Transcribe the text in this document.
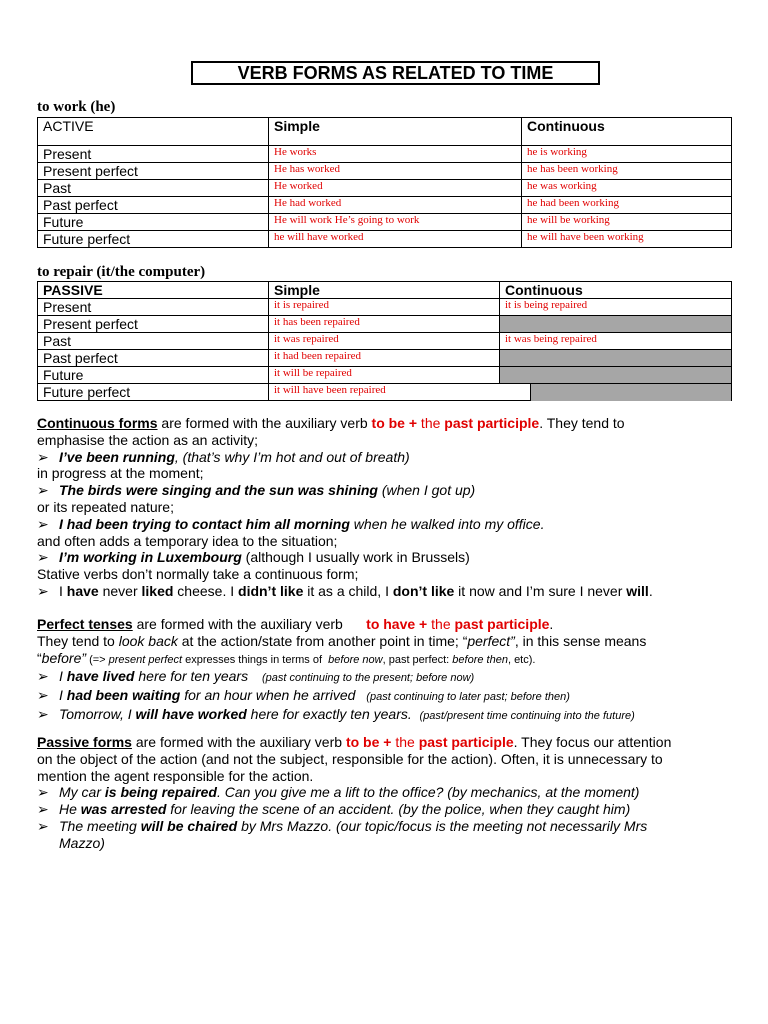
VERB FORMS AS RELATED TO TIME
to work (he)
ACTIVE	Simple	Continuous
Present	He works	he is working
Present perfect	He has worked	he has been working
Past	He worked	he was working
Past perfect	He had worked	he had been working
Future	He will work He’s going to work	he will be working
Future perfect	he will have worked	he will have been working
to repair (it/the computer)
PASSIVE	Simple	Continuous	
Present	it is repaired	it is being repaired	
Present perfect	it has been repaired		
Past	it was repaired	it was being repaired	
Past perfect	it had been repaired		
Future	it will be repaired		
Future perfect	it will have been repaired		
Continuous forms are formed with the auxiliary verb to be + the past participle. They tend to
emphasise the action as an activity;
➢ I’ve been running, (that’s why I’m hot and out of breath)
in progress at the moment;
➢ The birds were singing and the sun was shining (when I got up)
or its repeated nature;
➢ I had been trying to contact him all morning when he walked into my office.
and often adds a temporary idea to the situation;
➢ I’m working in Luxembourg (although I usually work in Brussels)
Stative verbs don’t normally take a continuous form;
➢ I have never liked cheese. I didn’t like it as a child, I don’t like it now and I’m sure I never will.
Perfect tenses are formed with the auxiliary verb      to have + the past participle.
They tend to look back at the action/state from another point in time; “perfect”, in this sense means
“before” (=> present perfect expresses things in terms of  before now, past perfect: before then, etc).
➢ I have lived here for ten years    (past continuing to the present; before now)
➢ I had been waiting for an hour when he arrived   (past continuing to later past; before then)
➢ Tomorrow, I will have worked here for exactly ten years.  (past/present time continuing into the future)
Passive forms are formed with the auxiliary verb to be + the past participle. They focus our attention
on the object of the action (and not the subject, responsible for the action). Often, it is unnecessary to
mention the agent responsible for the action.
➢ My car is being repaired. Can you give me a lift to the office? (by mechanics, at the moment)
➢ He was arrested for leaving the scene of an accident. (by the police, when they caught him)
➢ The meeting will be chaired by Mrs Mazzo. (our topic/focus is the meeting not necessarily Mrs
Mazzo)
